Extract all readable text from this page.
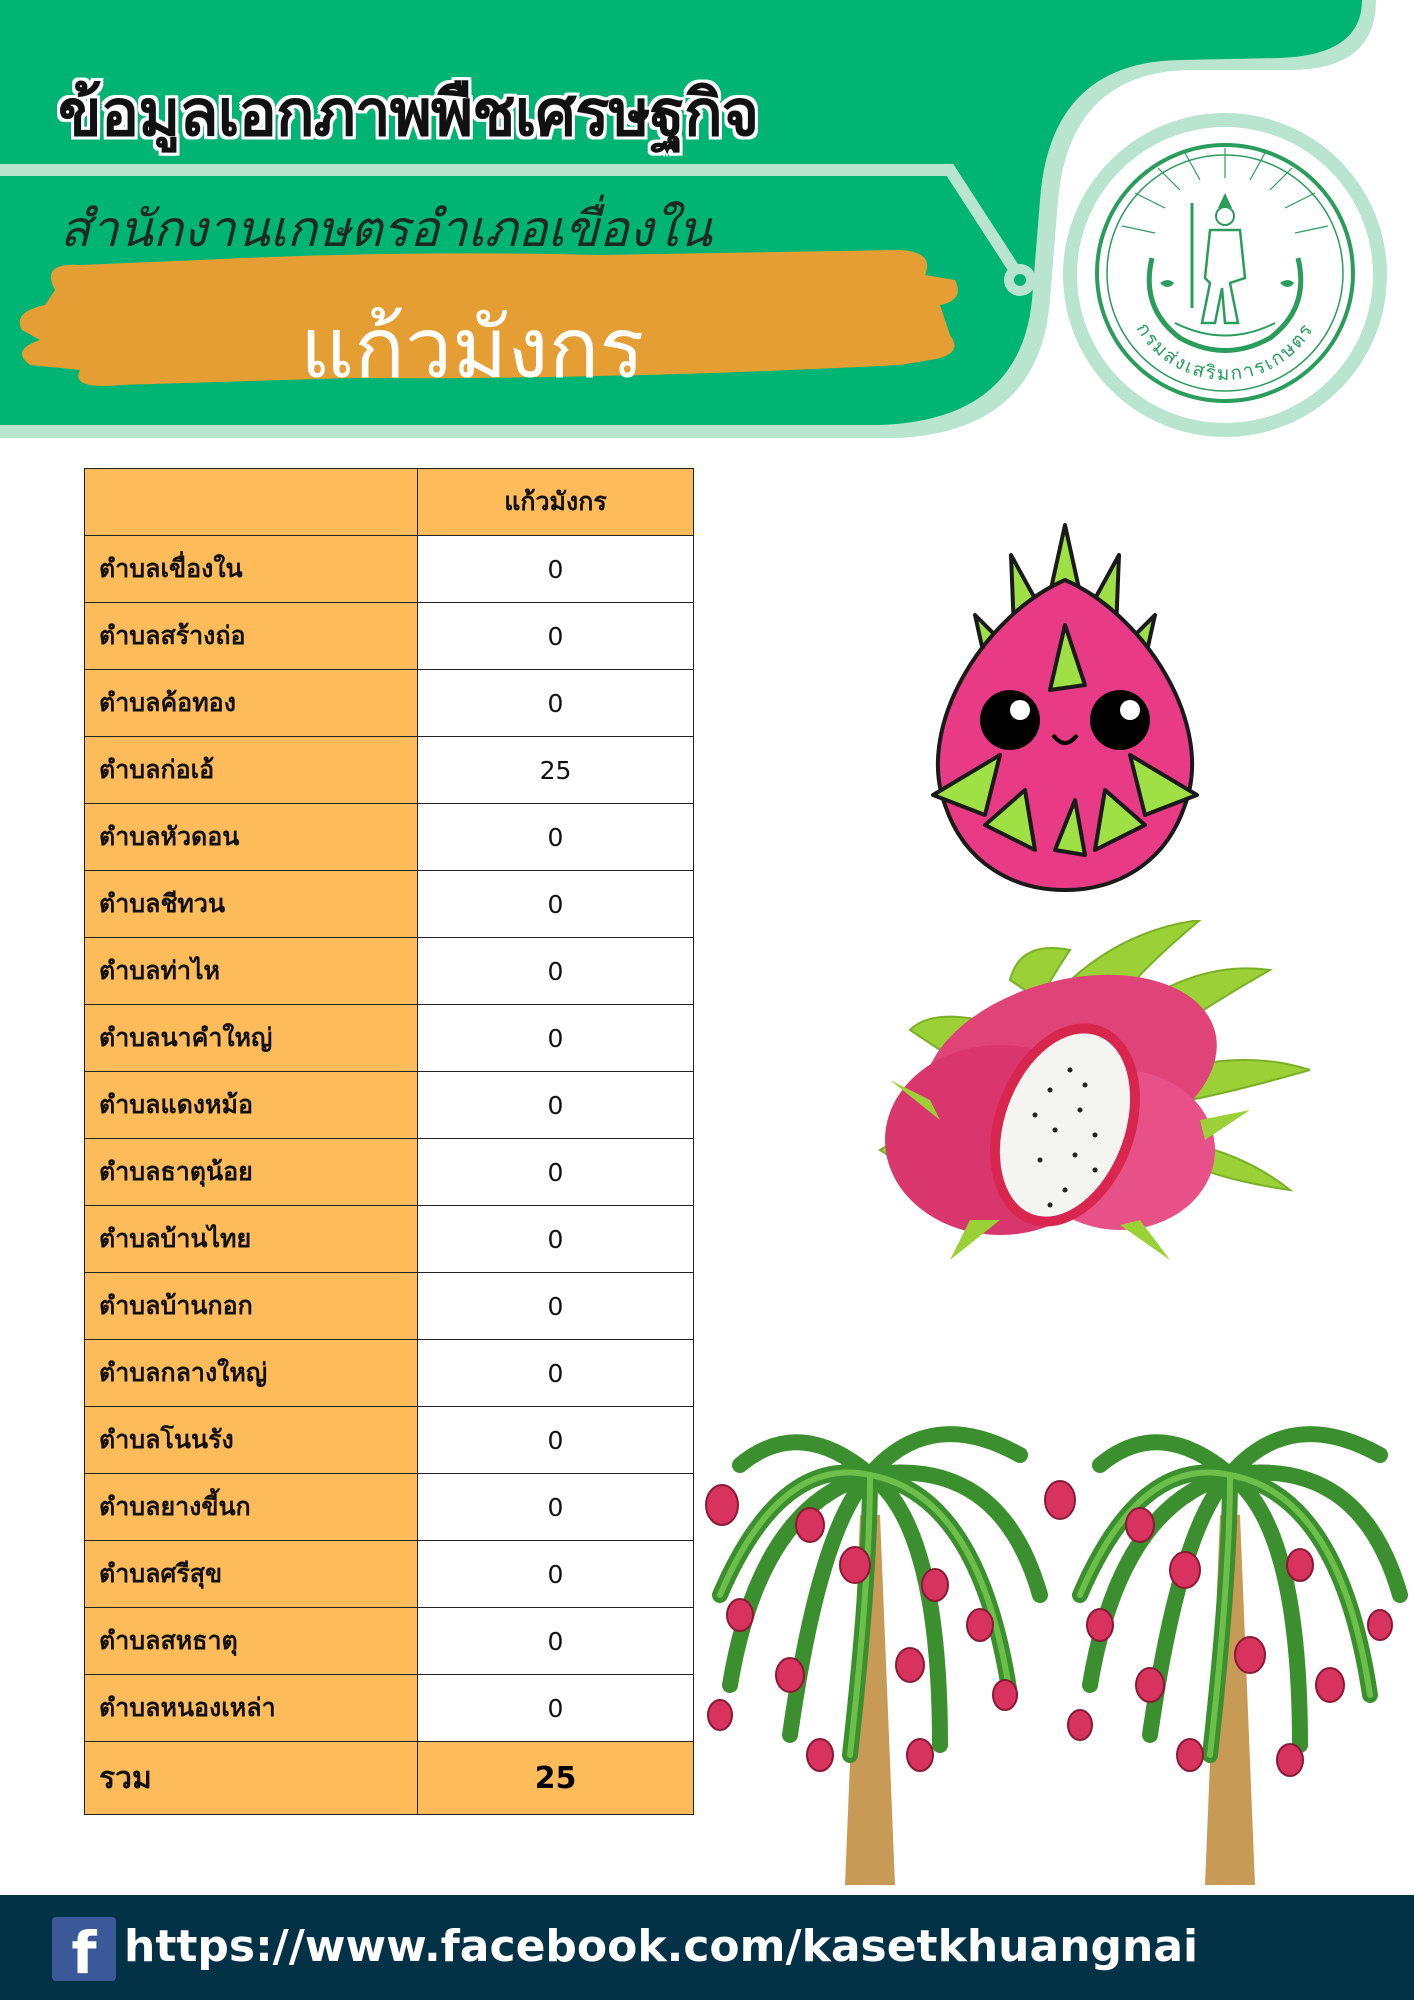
ข้อมูลเอกภาพพืชเศรษฐกิจ
สำนักงานเกษตรอำเภอเขื่องใน
แก้วมังกร	กรมส่งเสริมการเกษตร
	แก้วมังกร
ตำบลเขื่องใน	0
ตำบลสร้างถ่อ	0
ตำบลค้อทอง	0
ตำบลก่อเอ้	25
ตำบลหัวดอน	0
ตำบลชีทวน	0
ตำบลท่าไห	0
ตำบลนาคำใหญ่	0
ตำบลแดงหม้อ	0
ตำบลธาตุน้อย	0
ตำบลบ้านไทย	0
ตำบลบ้านกอก	0
ตำบลกลางใหญ่	0
ตำบลโนนรัง	0
ตำบลยางขี้นก	0
ตำบลศรีสุข	0
ตำบลสหธาตุ	0
ตำบลหนองเหล่า	0
รวม	25
f https://www.facebook.com/kasetkhuangnai
